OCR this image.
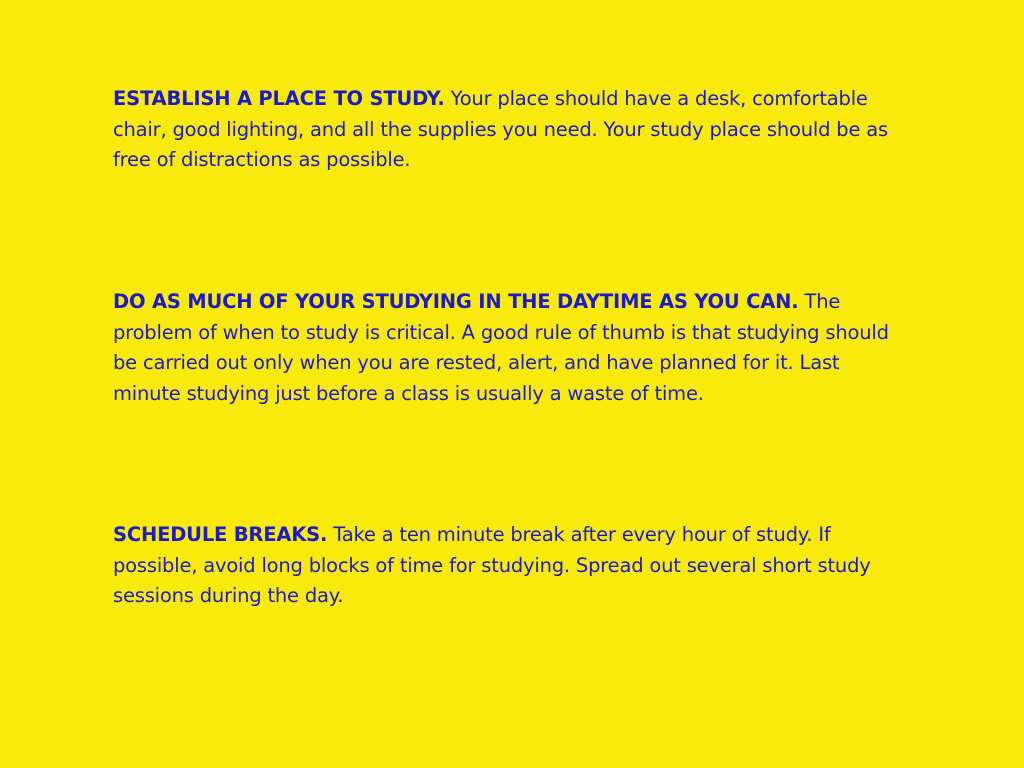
ESTABLISH A PLACE TO STUDY. Your place should have a desk, comfortable chair, good lighting, and all the supplies you need. Your study place should be as free of distractions as possible.

DO AS MUCH OF YOUR STUDYING IN THE DAYTIME AS YOU CAN. The problem of when to study is critical. A good rule of thumb is that studying should be carried out only when you are rested, alert, and have planned for it. Last minute studying just before a class is usually a waste of time.

SCHEDULE BREAKS. Take a ten minute break after every hour of study. If possible, avoid long blocks of time for studying. Spread out several short study sessions during the day.
